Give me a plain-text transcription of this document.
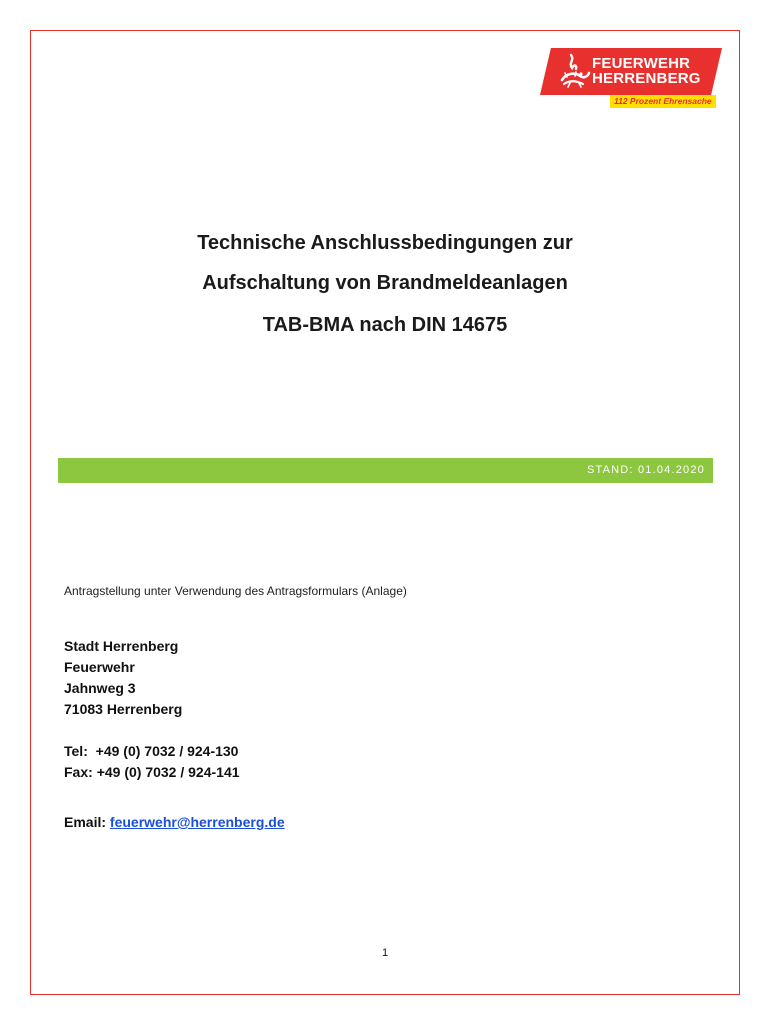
FEUERWEHR
HERRENBERG
112 Prozent Ehrensache
Technische Anschlussbedingungen zur
Aufschaltung von Brandmeldeanlagen
TAB-BMA nach DIN 14675
STAND: 01.04.2020
Antragstellung unter Verwendung des Antragsformulars (Anlage)
Stadt Herrenberg
Feuerwehr
Jahnweg 3
71083 Herrenberg
Tel: +49 (0) 7032 / 924-130
Fax: +49 (0) 7032 / 924-141
Email: feuerwehr@herrenberg.de
1
